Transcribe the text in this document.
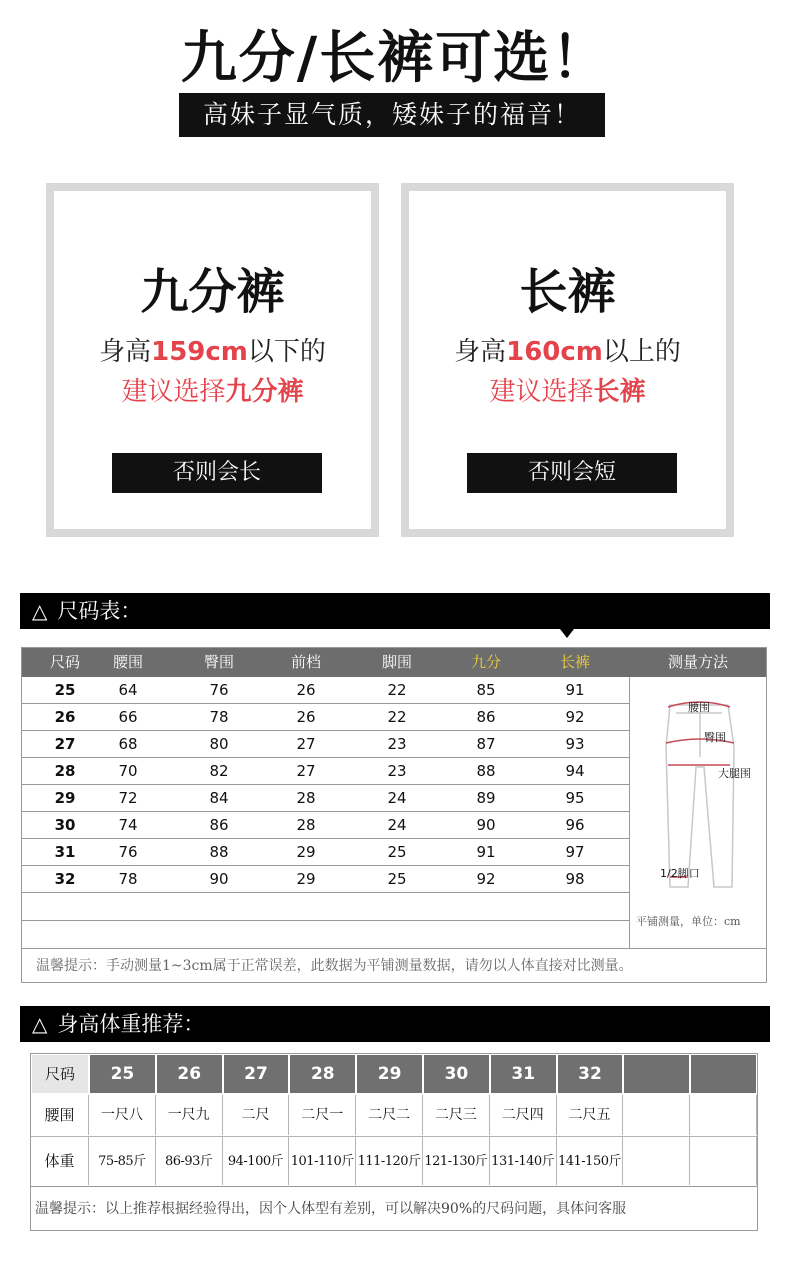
九分/长裤可选！
高妹子显气质，矮妹子的福音！
九分裤
身高159cm以下的
建议选择九分裤
否则会长
长裤
身高160cm以上的
建议选择长裤
否则会短
△ 尺码表：
尺码	腰围	臀围	前档	脚围	九分	长裤	测量方法
25	64	76	26	22	85	91
26	66	78	26	22	86	92
27	68	80	27	23	87	93
28	70	82	27	23	88	94
29	72	84	28	24	89	95
30	74	86	28	24	90	96
31	76	88	29	25	91	97
32	78	90	29	25	92	98
腰围
臀围
大腿围
1/2脚口
平铺测量，单位：cm
温馨提示：手动测量1~3cm属于正常误差，此数据为平铺测量数据，请勿以人体直接对比测量。
△ 身高体重推荐：
尺码	25	26	27	28	29	30	31	32
腰围	一尺八	一尺九	二尺	二尺一	二尺二	二尺三	二尺四	二尺五
体重	75-85斤	86-93斤	94-100斤 101-110斤 111-120斤 121-130斤 131-140斤 141-150斤
温馨提示：以上推荐根据经验得出，因个人体型有差别，可以解决90%的尺码问题，具体问客服
